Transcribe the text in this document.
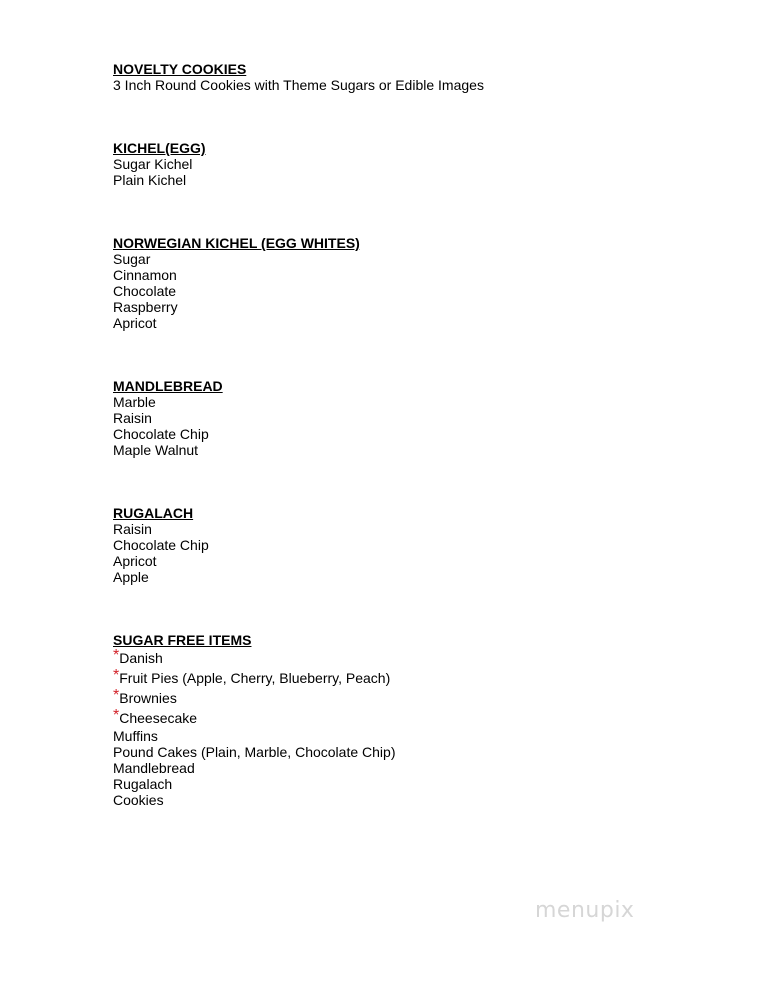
NOVELTY COOKIES

3 Inch Round Cookies with Theme Sugars or Edible Images

KICHEL(EGG)

Sugar Kichel

Plain Kichel

NORWEGIAN KICHEL (EGG WHITES)

Sugar

Cinnamon

Chocolate

Raspberry

Apricot

MANDLEBREAD

Marble

Raisin

Chocolate Chip

Maple Walnut

RUGALACH

Raisin

Chocolate Chip

Apricot

Apple

SUGAR FREE ITEMS

*Danish

*Fruit Pies (Apple, Cherry, Blueberry, Peach)

*Brownies

*Cheesecake

Muffins

Pound Cakes (Plain, Marble, Chocolate Chip)

Mandlebread

Rugalach

Cookies

menupix
